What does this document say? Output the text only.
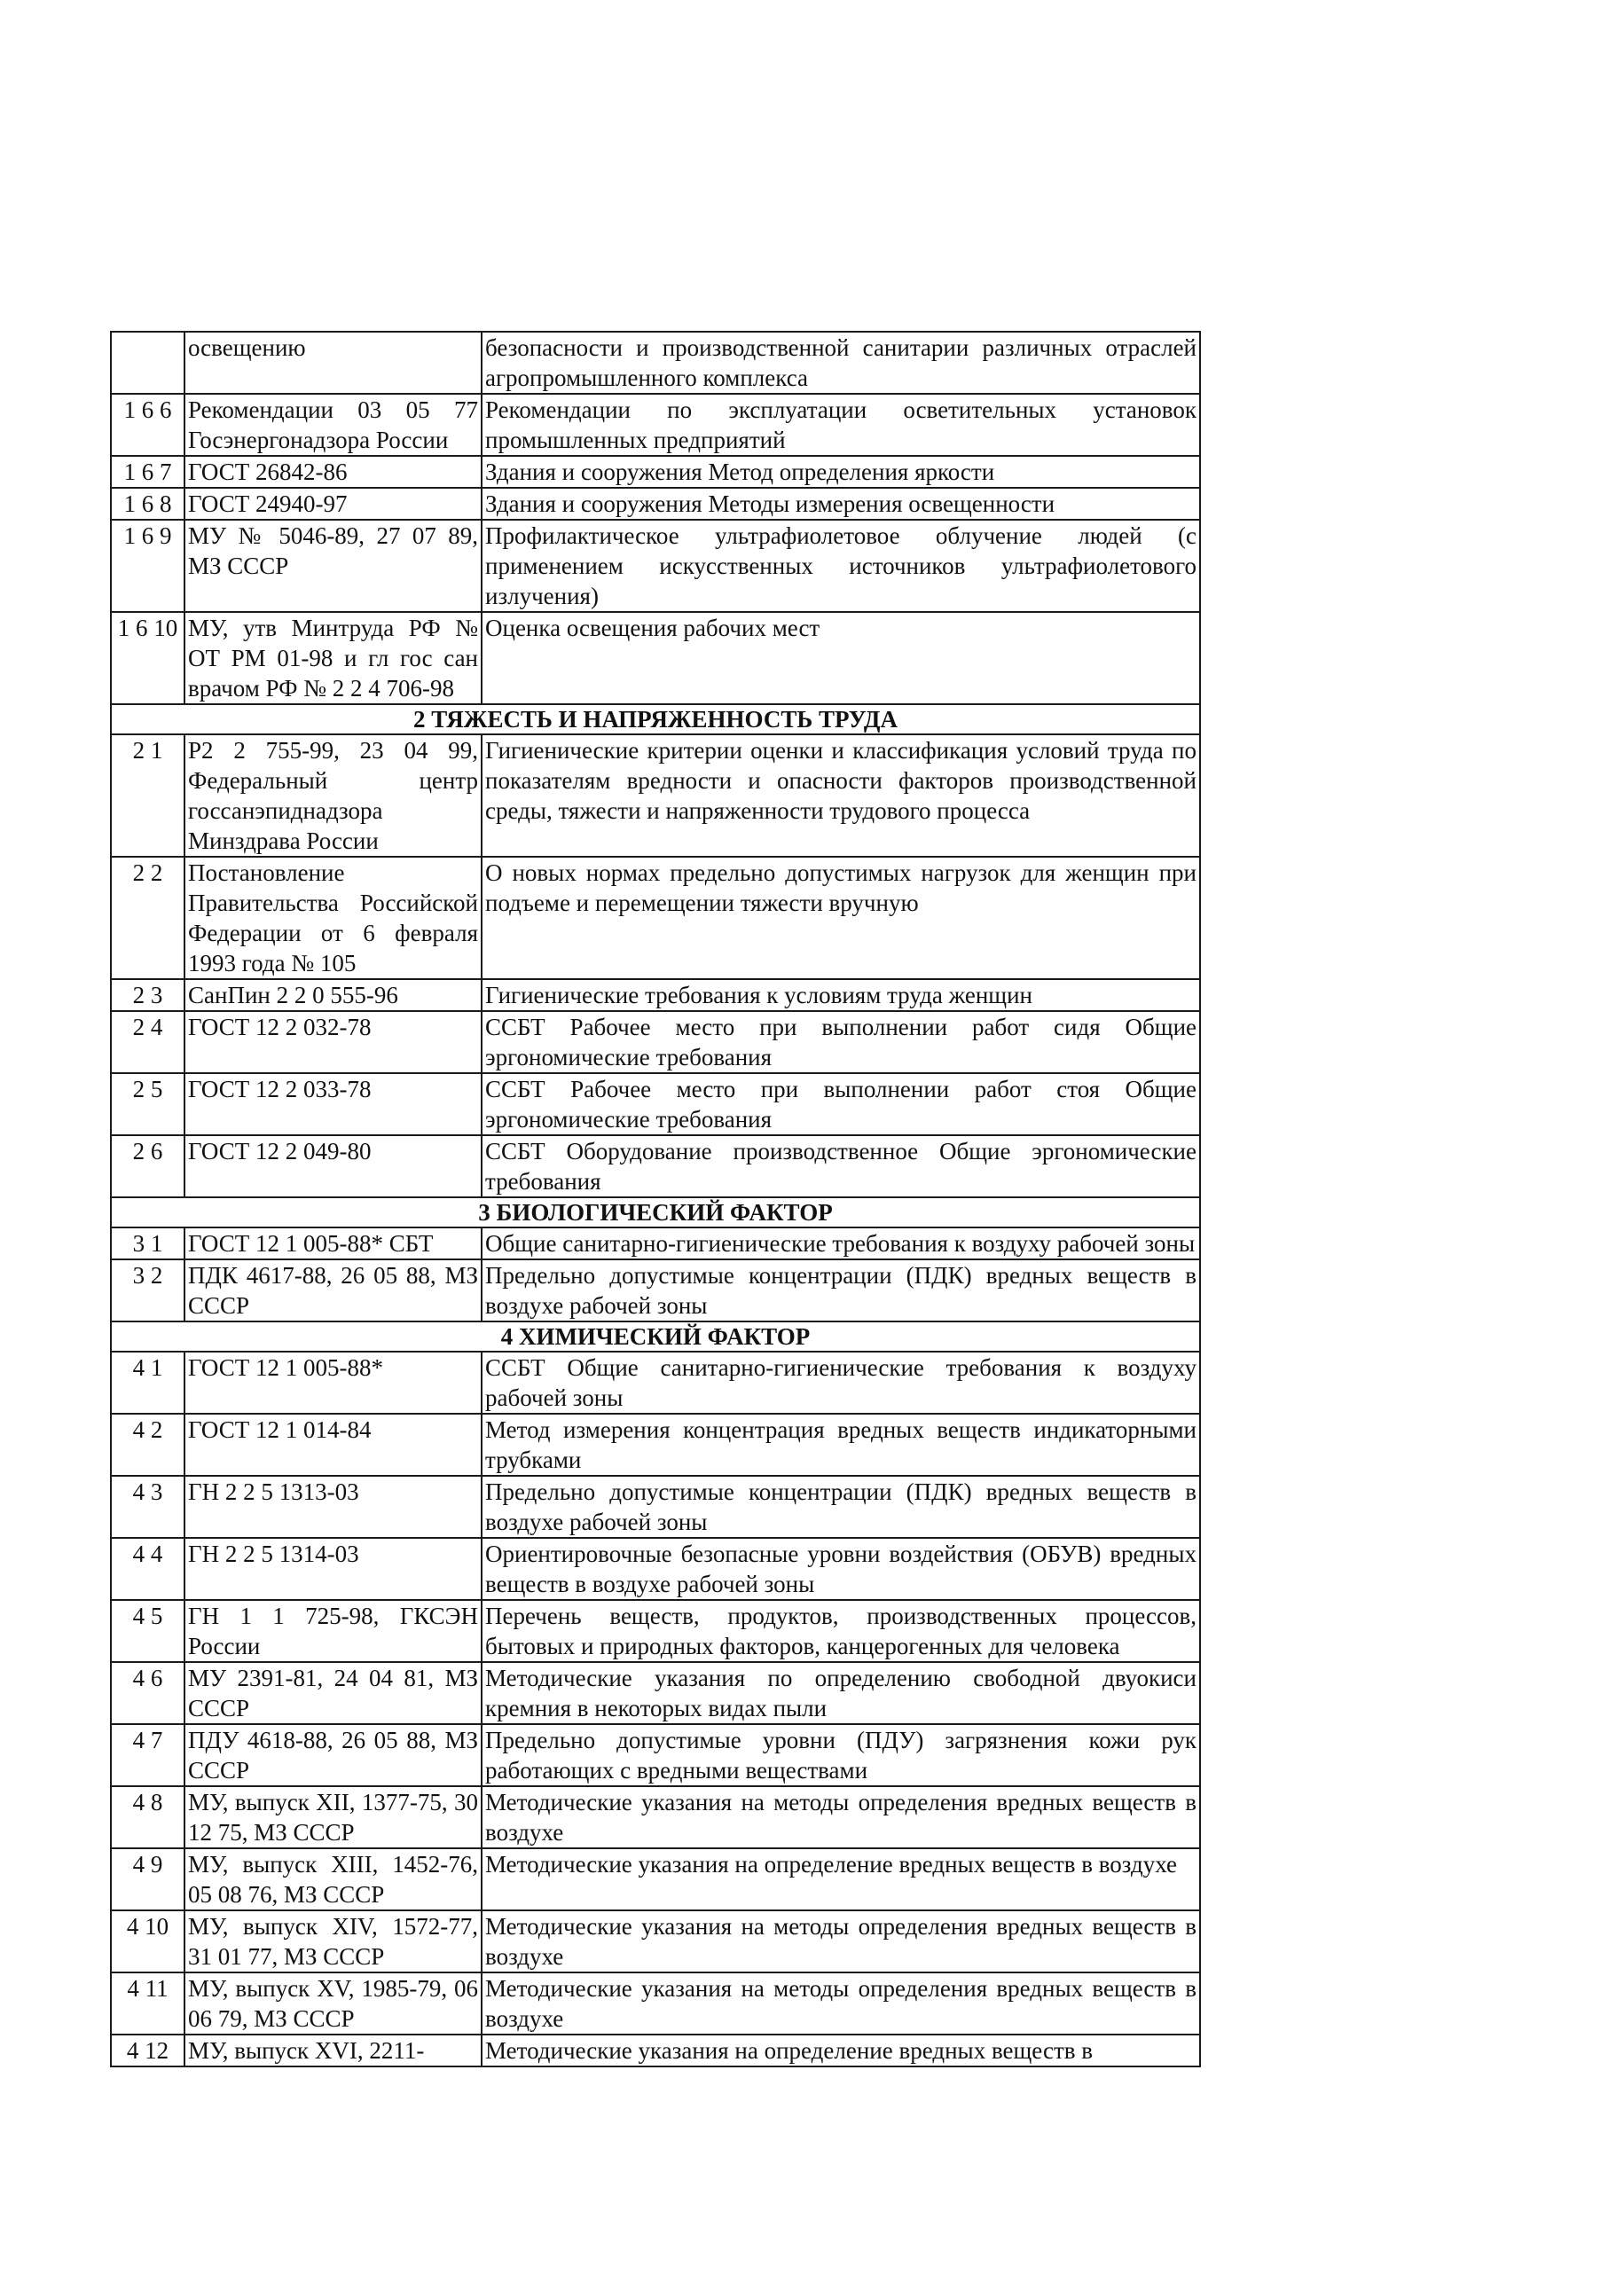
	освещению	безопасности и производственной санитарии различных отраслей агропромышленного комплекса
1 6 6	Рекомендации 03 05 77 Госэнергонадзора России	Рекомендации по эксплуатации осветительных установок промышленных предприятий
1 6 7	ГОСТ 26842-86	Здания и сооружения Метод определения яркости
1 6 8	ГОСТ 24940-97	Здания и сооружения Методы измерения освещенности
1 6 9	МУ № 5046-89, 27 07 89, МЗ СССР	Профилактическое ультрафиолетовое облучение людей (с применением искусственных источников ультрафиолетового излучения)
1 6 10	МУ, утв Минтруда РФ № ОТ РМ 01-98 и гл гос сан врачом РФ № 2 2 4 706-98	Оценка освещения рабочих мест
2 ТЯЖЕСТЬ И НАПРЯЖЕННОСТЬ ТРУДА		
2 1	Р2 2 755-99, 23 04 99, Федеральный центр госсанэпиднадзора Минздрава России	Гигиенические критерии оценки и классификация условий труда по показателям вредности и опасности факторов производственной среды, тяжести и напряженности трудового процесса
2 2	Постановление Правительства Российской Федерации от 6 февраля 1993 года № 105	О новых нормах предельно допустимых нагрузок для женщин при подъеме и перемещении тяжести вручную
2 3	СанПин 2 2 0 555-96	Гигиенические требования к условиям труда женщин
2 4	ГОСТ 12 2 032-78	ССБТ Рабочее место при выполнении работ сидя Общие эргономические требования
2 5	ГОСТ 12 2 033-78	ССБТ Рабочее место при выполнении работ стоя Общие эргономические требования
2 6	ГОСТ 12 2 049-80	ССБТ Оборудование производственное Общие эргономические требования
3 БИОЛОГИЧЕСКИЙ ФАКТОР		
3 1	ГОСТ 12 1 005-88* СБТ	Общие санитарно-гигиенические требования к воздуху рабочей зоны
3 2	ПДК 4617-88, 26 05 88, МЗ СССР	Предельно допустимые концентрации (ПДК) вредных веществ в воздухе рабочей зоны
4 ХИМИЧЕСКИЙ ФАКТОР		
4 1	ГОСТ 12 1 005-88*	ССБТ Общие санитарно-гигиенические требования к воздуху рабочей зоны
4 2	ГОСТ 12 1 014-84	Метод измерения концентрация вредных веществ индикаторными трубками
4 3	ГН 2 2 5 1313-03	Предельно допустимые концентрации (ПДК) вредных веществ в воздухе рабочей зоны
4 4	ГН 2 2 5 1314-03	Ориентировочные безопасные уровни воздействия (ОБУВ) вредных веществ в воздухе рабочей зоны
4 5	ГН 1 1 725-98, ГКСЭН России	Перечень веществ, продуктов, производственных процессов, бытовых и природных факторов, канцерогенных для человека
4 6	МУ 2391-81, 24 04 81, МЗ СССР	Методические указания по определению свободной двуокиси кремния в некоторых видах пыли
4 7	ПДУ 4618-88, 26 05 88, МЗ СССР	Предельно допустимые уровни (ПДУ) загрязнения кожи рук работающих с вредными веществами
4 8	МУ, выпуск XII, 1377-75, 30 12 75, МЗ СССР	Методические указания на методы определения вредных веществ в воздухе
4 9	МУ, выпуск XIII, 1452-76, 05 08 76, МЗ СССР	Методические указания на определение вредных веществ в воздухе
4 10	МУ, выпуск XIV, 1572-77, 31 01 77, МЗ СССР	Методические указания на методы определения вредных веществ в воздухе
4 11	МУ, выпуск XV, 1985-79, 06 06 79, МЗ СССР	Методические указания на методы определения вредных веществ в воздухе
4 12	МУ, выпуск XVI, 2211-	Методические указания на определение вредных веществ в
